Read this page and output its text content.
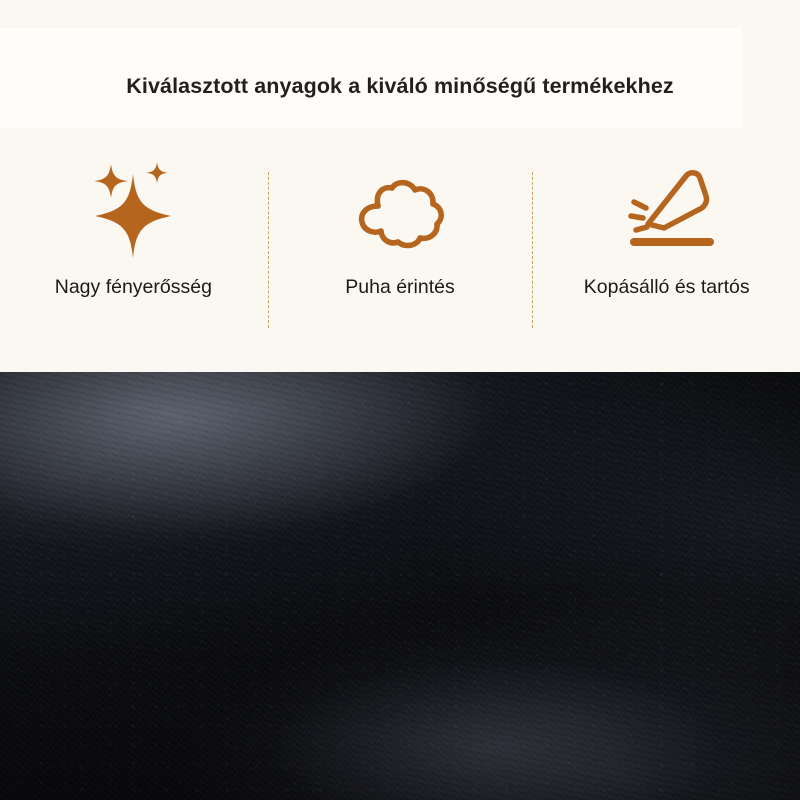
Kiválasztott anyagok a kiváló minőségű termékekhez
Nagy fényerősség	Puha érintés	Kopásálló és tartós
